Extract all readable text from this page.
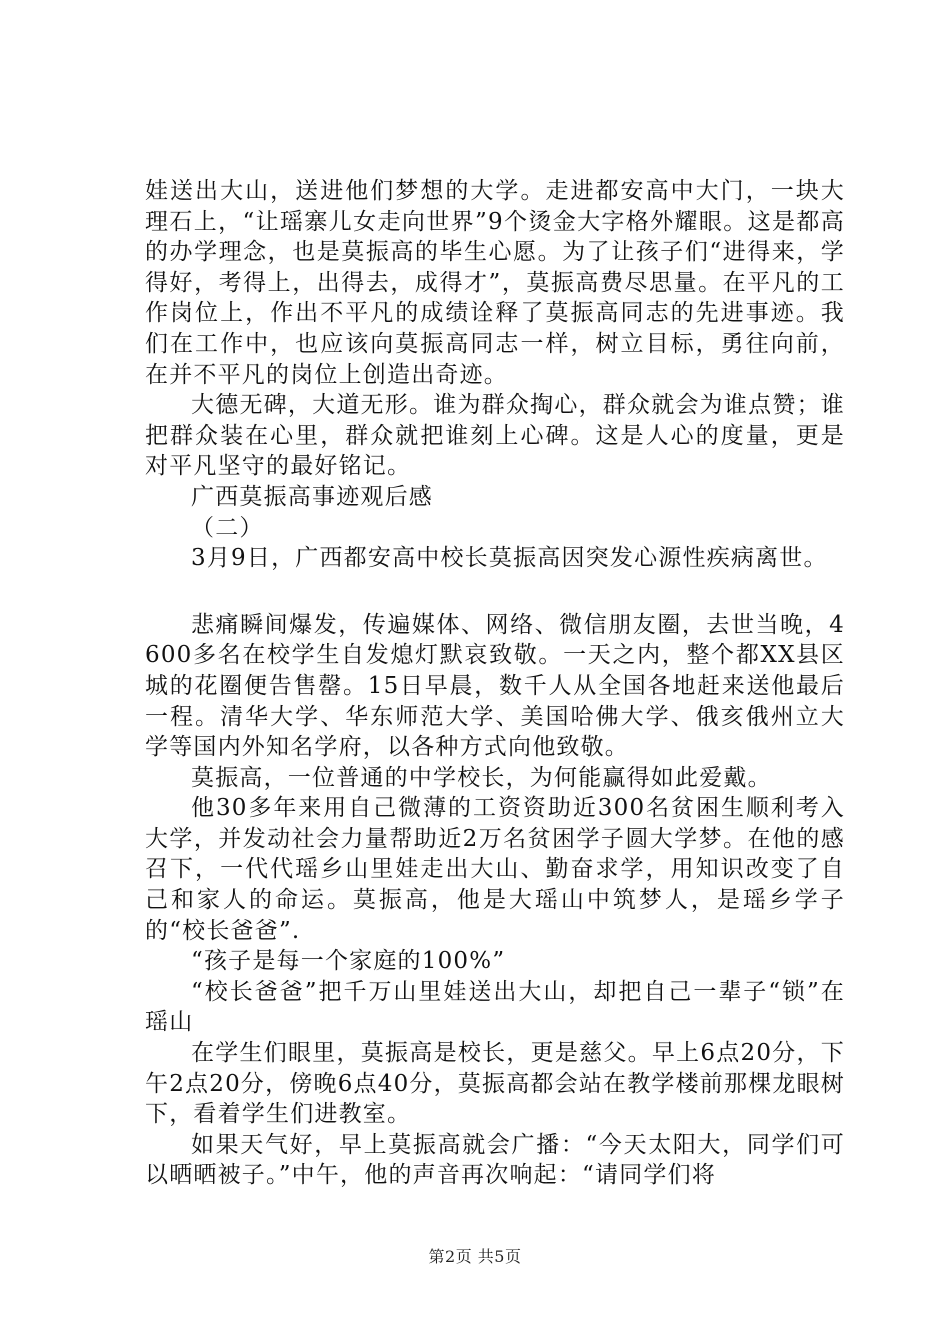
娃送出大山，送进他们梦想的大学。走进都安高中大门，一块大理石上，“让瑶寨儿女走向世界”9个烫金大字格外耀眼。这是都高的办学理念，也是莫振高的毕生心愿。为了让孩子们“进得来，学得好，考得上，出得去，成得才”，莫振高费尽思量。在平凡的工作岗位上，作出不平凡的成绩诠释了莫振高同志的先进事迹。我们在工作中，也应该向莫振高同志一样，树立目标，勇往向前，在并不平凡的岗位上创造出奇迹。

大德无碑，大道无形。谁为群众掏心，群众就会为谁点赞；谁把群众装在心里，群众就把谁刻上心碑。这是人心的度量，更是对平凡坚守的最好铭记。

广西莫振高事迹观后感

（二）

3月9日，广西都安高中校长莫振高因突发心源性疾病离世。

悲痛瞬间爆发，传遍媒体、网络、微信朋友圈，去世当晚，4600多名在校学生自发熄灯默哀致敬。一天之内，整个都XX县区城的花圈便告售罄。15日早晨，数千人从全国各地赶来送他最后一程。清华大学、华东师范大学、美国哈佛大学、俄亥俄州立大学等国内外知名学府，以各种方式向他致敬。

莫振高，一位普通的中学校长，为何能赢得如此爱戴。

他30多年来用自己微薄的工资资助近300名贫困生顺利考入大学，并发动社会力量帮助近2万名贫困学子圆大学梦。在他的感召下，一代代瑶乡山里娃走出大山、勤奋求学，用知识改变了自己和家人的命运。莫振高，他是大瑶山中筑梦人，是瑶乡学子的“校长爸爸”.

“孩子是每一个家庭的100%”

“校长爸爸”把千万山里娃送出大山，却把自己一辈子“锁”在瑶山

在学生们眼里，莫振高是校长，更是慈父。早上6点20分，下午2点20分，傍晚6点40分，莫振高都会站在教学楼前那棵龙眼树下，看着学生们进教室。

如果天气好，早上莫振高就会广播：“今天太阳大，同学们可以晒晒被子。”中午，他的声音再次响起：“请同学们将

第2页 共5页
